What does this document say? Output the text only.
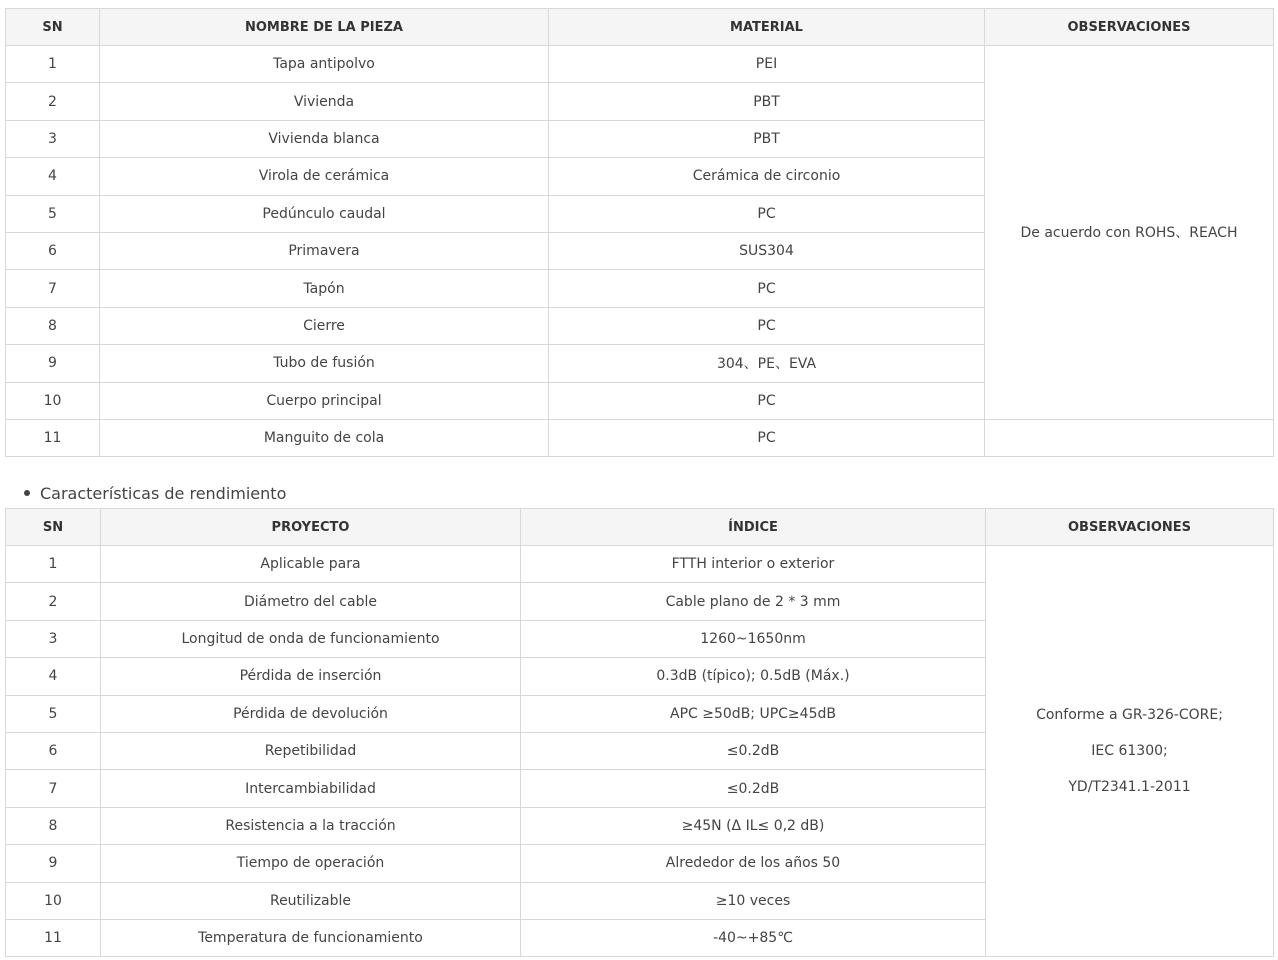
SN	NOMBRE DE LA PIEZA	MATERIAL	OBSERVACIONES
1	Tapa antipolvo	PEI	De acuerdo con ROHS、REACH
2	Vivienda	PBT	
3	Vivienda blanca	PBT	
4	Virola de cerámica	Cerámica de circonio	
5	Pedúnculo caudal	PC	
6	Primavera	SUS304	
7	Tapón	PC	
8	Cierre	PC	
9	Tubo de fusión	304、PE、EVA	
10	Cuerpo principal	PC	
11	Manguito de cola	PC	

Características de rendimiento

SN	PROYECTO	ÍNDICE	OBSERVACIONES
1	Aplicable para	FTTH interior o exterior	Conforme a GR-326-CORE;
IEC 61300;
YD/T2341.1-2011

2	Diámetro del cable	Cable plano de 2 * 3 mm	
3	Longitud de onda de funcionamiento	1260~1650nm	
4	Pérdida de inserción	0.3dB (típico); 0.5dB (Máx.)	
5	Pérdida de devolución	APC ≥50dB; UPC≥45dB	
6	Repetibilidad	≤0.2dB	
7	Intercambiabilidad	≤0.2dB	
8	Resistencia a la tracción	≥45N (Δ IL≤ 0,2 dB)	
9	Tiempo de operación	Alrededor de los años 50	
10	Reutilizable	≥10 veces	
11	Temperatura de funcionamiento	-40~+85℃	
